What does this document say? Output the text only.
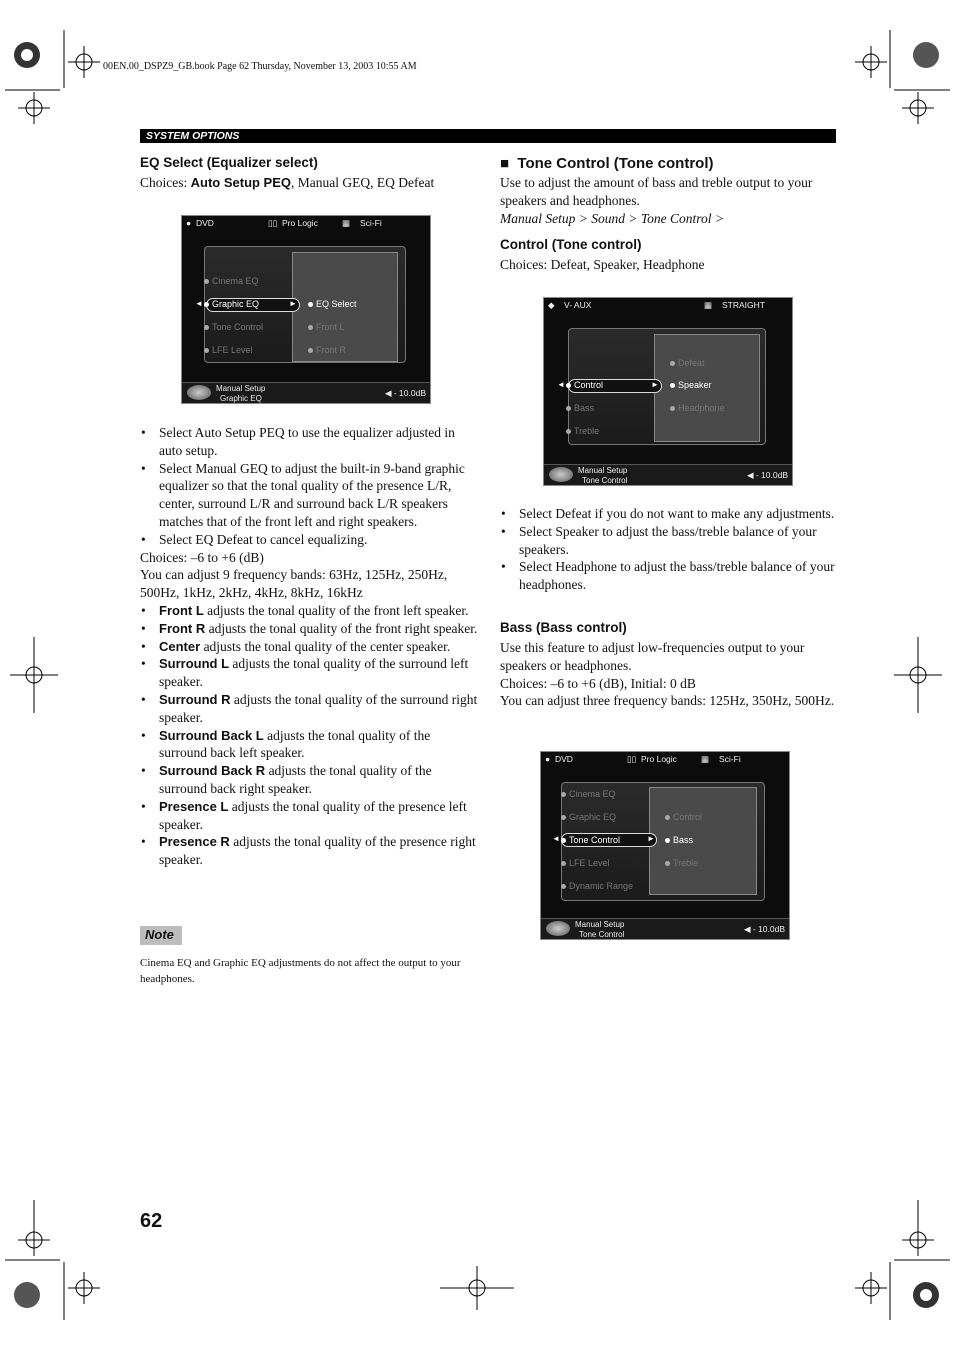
00EN.00_DSPZ9_GB.book Page 62 Thursday, November 13, 2003 10:55 AM
SYSTEM OPTIONS
EQ Select (Equalizer select)
Choices: Auto Setup PEQ, Manual GEQ, EQ Defeat
● DVD	▯▯ Pro Logic	▦ Sci-Fi
◄	►
Cinema EQ
Graphic EQ
Tone Control
LFE Level
EQ Select
Front L
Front R
Manual Setup
Graphic EQ
◀ - 10.0dB
• Select Auto Setup PEQ to use the equalizer adjusted in auto setup.
• Select Manual GEQ to adjust the built-in 9-band graphic equalizer so that the tonal quality of the presence L/R, center, surround L/R and surround back L/R speakers matches that of the front left and right speakers.
• Select EQ Defeat to cancel equalizing.
Choices: –6 to +6 (dB)
You can adjust 9 frequency bands: 63Hz, 125Hz, 250Hz, 500Hz, 1kHz, 2kHz, 4kHz, 8kHz, 16kHz
• Front L adjusts the tonal quality of the front left speaker.
• Front R adjusts the tonal quality of the front right speaker.
• Center adjusts the tonal quality of the center speaker.
• Surround L adjusts the tonal quality of the surround left speaker.
• Surround R adjusts the tonal quality of the surround right speaker.
• Surround Back L adjusts the tonal quality of the surround back left speaker.
• Surround Back R adjusts the tonal quality of the surround back right speaker.
• Presence L adjusts the tonal quality of the presence left speaker.
• Presence R adjusts the tonal quality of the presence right speaker.
Note
Cinema EQ and Graphic EQ adjustments do not affect the output to your headphones.
■ Tone Control (Tone control)
Use to adjust the amount of bass and treble output to your speakers and headphones.
Manual Setup > Sound > Tone Control >
Control (Tone control)
Choices: Defeat, Speaker, Headphone
◆ V- AUX	▦ STRAIGHT
◄	►
Control
Bass
Treble
Defeat
Speaker
Headphone
Manual Setup
Tone Control
◀ - 10.0dB
• Select Defeat if you do not want to make any adjustments.
• Select Speaker to adjust the bass/treble balance of your speakers.
• Select Headphone to adjust the bass/treble balance of your headphones.
Bass (Bass control)
Use this feature to adjust low-frequencies output to your speakers or headphones.
Choices: –6 to +6 (dB), Initial: 0 dB
You can adjust three frequency bands: 125Hz, 350Hz, 500Hz.
● DVD	▯▯ Pro Logic	▦ Sci-Fi
◄	►
Cinema EQ
Graphic EQ
Tone Control
LFE Level
Dynamic Range
Control
Bass
Treble
Manual Setup
Tone Control
◀ - 10.0dB
62
